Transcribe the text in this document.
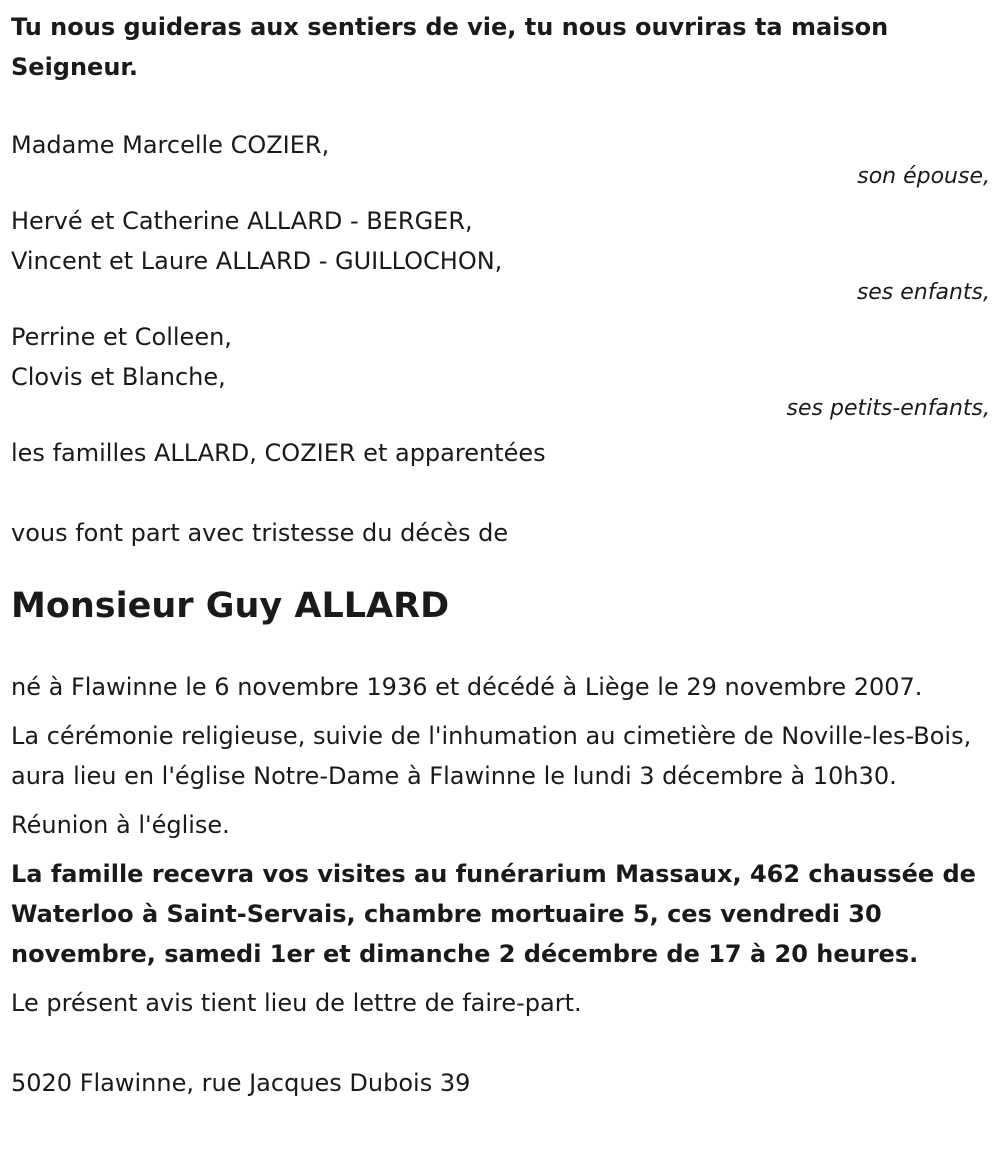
Tu nous guideras aux sentiers de vie, tu nous ouvriras ta maison Seigneur.

Madame Marcelle COZIER,

son épouse,

Hervé et Catherine ALLARD - BERGER,

Vincent et Laure ALLARD - GUILLOCHON,

ses enfants,

Perrine et Colleen,

Clovis et Blanche,

ses petits-enfants,

les familles ALLARD, COZIER et apparentées

vous font part avec tristesse du décès de

Monsieur Guy ALLARD

né à Flawinne le 6 novembre 1936 et décédé à Liège le 29 novembre 2007.

La cérémonie religieuse, suivie de l'inhumation au cimetière de Noville-les-Bois, aura lieu en l'église Notre-Dame à Flawinne le lundi 3 décembre à 10h30.

Réunion à l'église.

La famille recevra vos visites au funérarium Massaux, 462 chaussée de Waterloo à Saint-Servais, chambre mortuaire 5, ces vendredi 30 novembre, samedi 1er et dimanche 2 décembre de 17 à 20 heures.

Le présent avis tient lieu de lettre de faire-part.

5020 Flawinne, rue Jacques Dubois 39
